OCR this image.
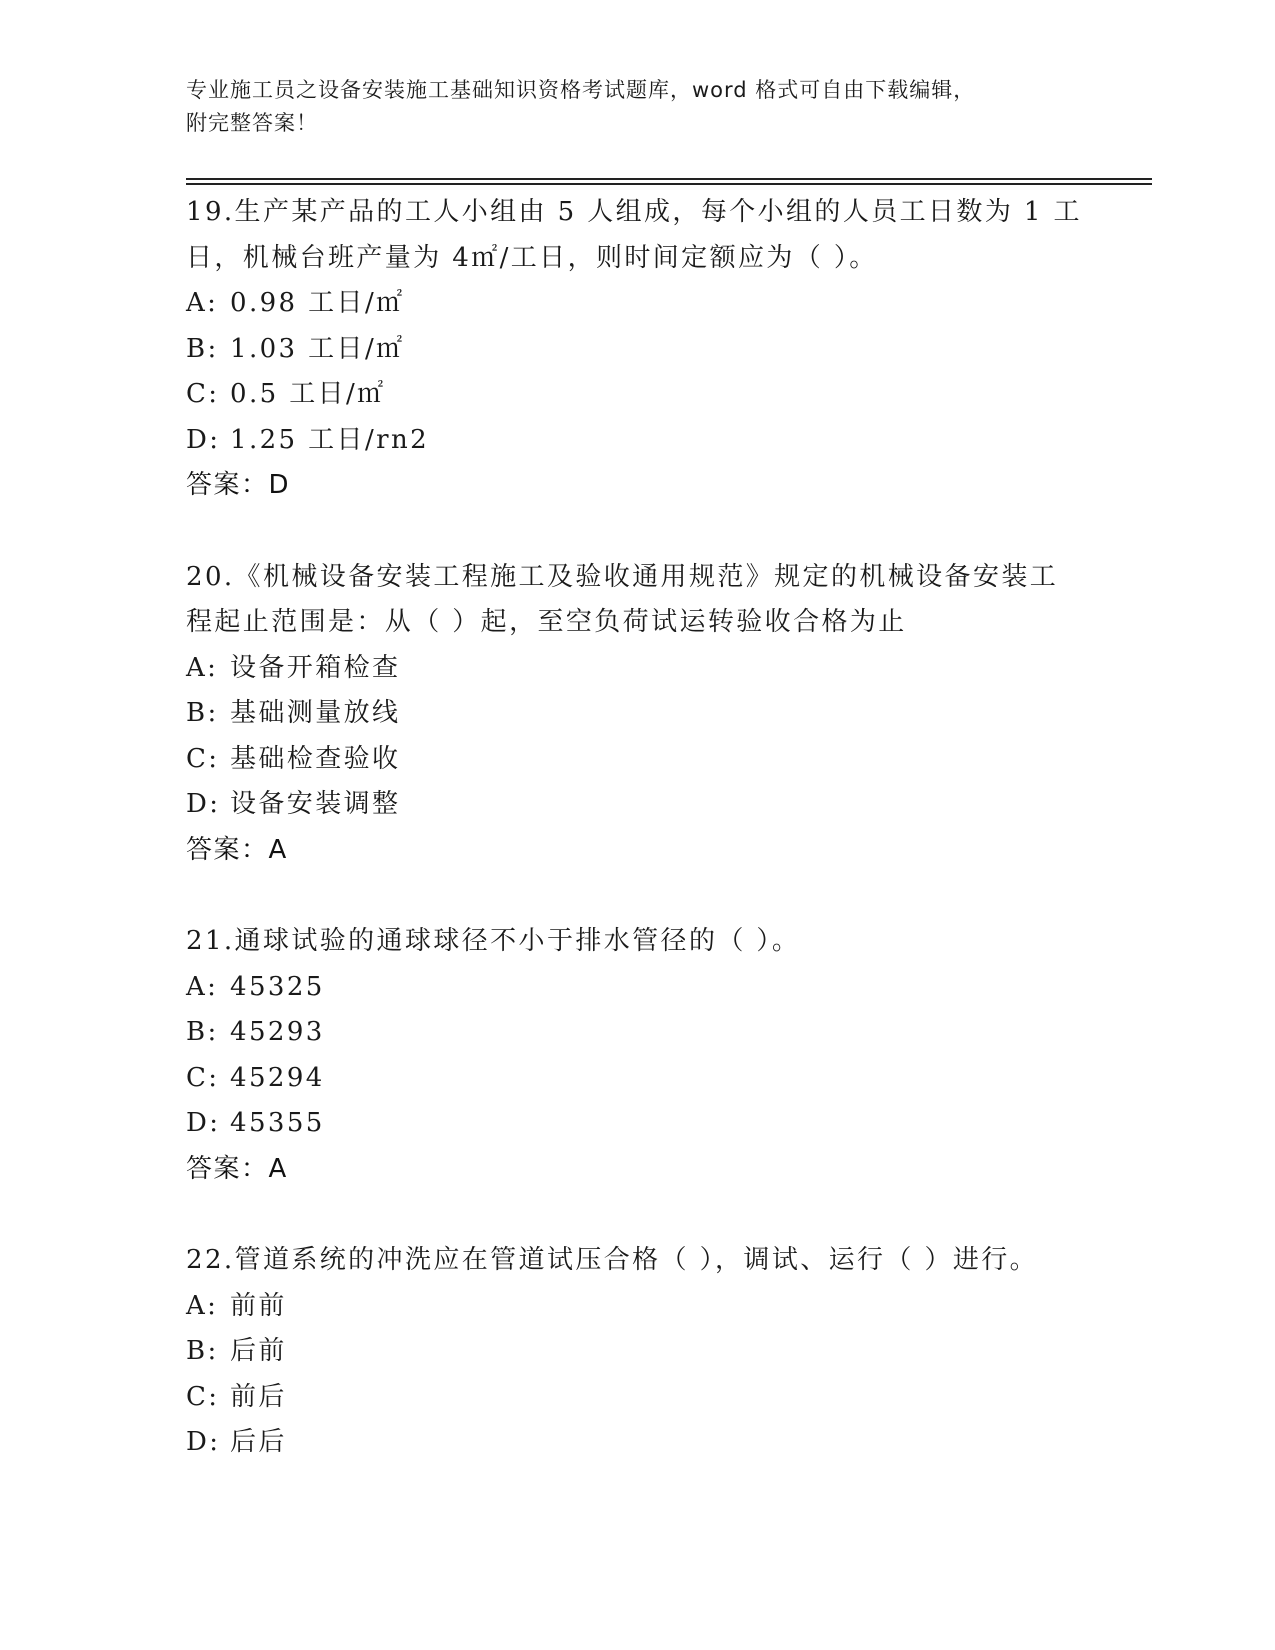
专业施工员之设备安装施工基础知识资格考试题库，word 格式可自由下载编辑，
附完整答案！
19.生产某产品的工人小组由 5 人组成，每个小组的人员工日数为 1 工
日，机械台班产量为 4㎡/工日，则时间定额应为（ ）。
A: 0.98 工日/㎡
B: 1.03 工日/㎡
C: 0.5 工日/㎡
D: 1.25 工日/rn2
答案：D
20.《机械设备安装工程施工及验收通用规范》规定的机械设备安装工
程起止范围是：从（ ）起，至空负荷试运转验收合格为止
A: 设备开箱检查
B: 基础测量放线
C: 基础检查验收
D: 设备安装调整
答案：A
21.通球试验的通球球径不小于排水管径的（ ）。
A: 45325
B: 45293
C: 45294
D: 45355
答案：A
22.管道系统的冲洗应在管道试压合格（ ），调试、运行（ ）进行。
A: 前前
B: 后前
C: 前后
D: 后后
